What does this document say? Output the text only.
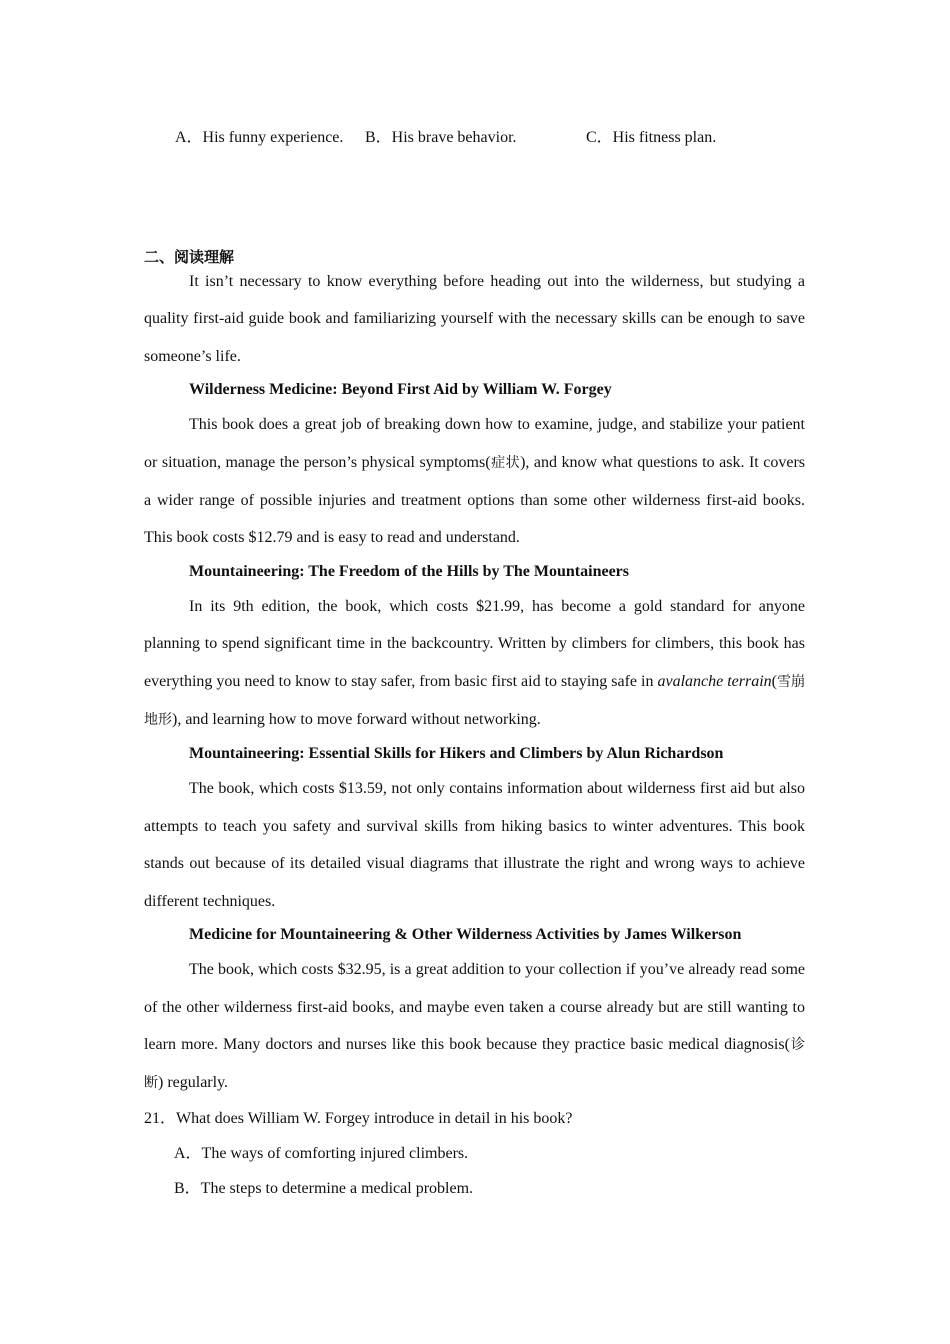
A．His funny experience. B．His brave behavior.	C．His fitness plan.

二、阅读理解

It isn’t necessary to know everything before heading out into the wilderness, but studying a quality first-aid guide book and familiarizing yourself with the necessary skills can be enough to save someone’s life.

Wilderness Medicine: Beyond First Aid by William W. Forgey

This book does a great job of breaking down how to examine, judge, and stabilize your patient or situation, manage the person’s physical symptoms(症状), and know what questions to ask. It covers a wider range of possible injuries and treatment options than some other wilderness first-aid books. This book costs $12.79 and is easy to read and understand.

Mountaineering: The Freedom of the Hills by The Mountaineers

In its 9th edition, the book, which costs $21.99, has become a gold standard for anyone planning to spend significant time in the backcountry. Written by climbers for climbers, this book has everything you need to know to stay safer, from basic first aid to staying safe in avalanche terrain(雪崩地形), and learning how to move forward without networking.

Mountaineering: Essential Skills for Hikers and Climbers by Alun Richardson

The book, which costs $13.59, not only contains information about wilderness first aid but also attempts to teach you safety and survival skills from hiking basics to winter adventures. This book stands out because of its detailed visual diagrams that illustrate the right and wrong ways to achieve different techniques.

Medicine for Mountaineering & Other Wilderness Activities by James Wilkerson

The book, which costs $32.95, is a great addition to your collection if you’ve already read some of the other wilderness first-aid books, and maybe even taken a course already but are still wanting to learn more. Many doctors and nurses like this book because they practice basic medical diagnosis(诊断) regularly.

21．What does William W. Forgey introduce in detail in his book?

A．The ways of comforting injured climbers.

B．The steps to determine a medical problem.
